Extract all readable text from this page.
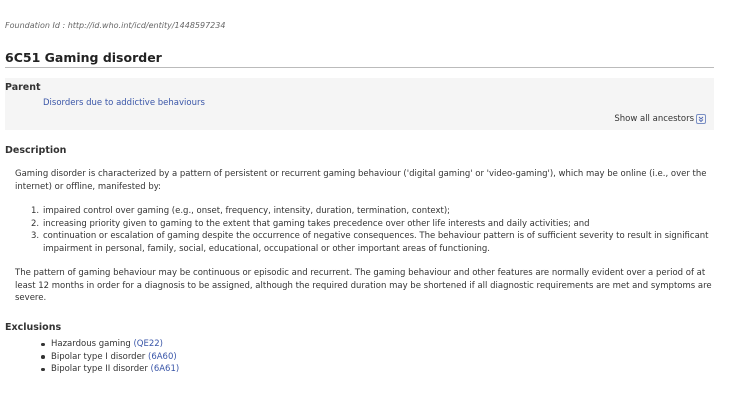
Foundation Id : http://id.who.int/icd/entity/1448597234
6C51 Gaming disorder
Parent
Disorders due to addictive behaviours
Show all ancestors
Description

Gaming disorder is characterized by a pattern of persistent or recurrent gaming behaviour ('digital gaming' or 'video-gaming'), which may be online (i.e., over the internet) or offline, manifested by:

1. impaired control over gaming (e.g., onset, frequency, intensity, duration, termination, context);
2. increasing priority given to gaming to the extent that gaming takes precedence over other life interests and daily activities; and
3. continuation or escalation of gaming despite the occurrence of negative consequences. The behaviour pattern is of sufficient severity to result in significant impairment in personal, family, social, educational, occupational or other important areas of functioning.

The pattern of gaming behaviour may be continuous or episodic and recurrent. The gaming behaviour and other features are normally evident over a period of at least 12 months in order for a diagnosis to be assigned, although the required duration may be shortened if all diagnostic requirements are met and symptoms are severe.

Exclusions
Hazardous gaming (QE22)
Bipolar type I disorder (6A60)
Bipolar type II disorder (6A61)
